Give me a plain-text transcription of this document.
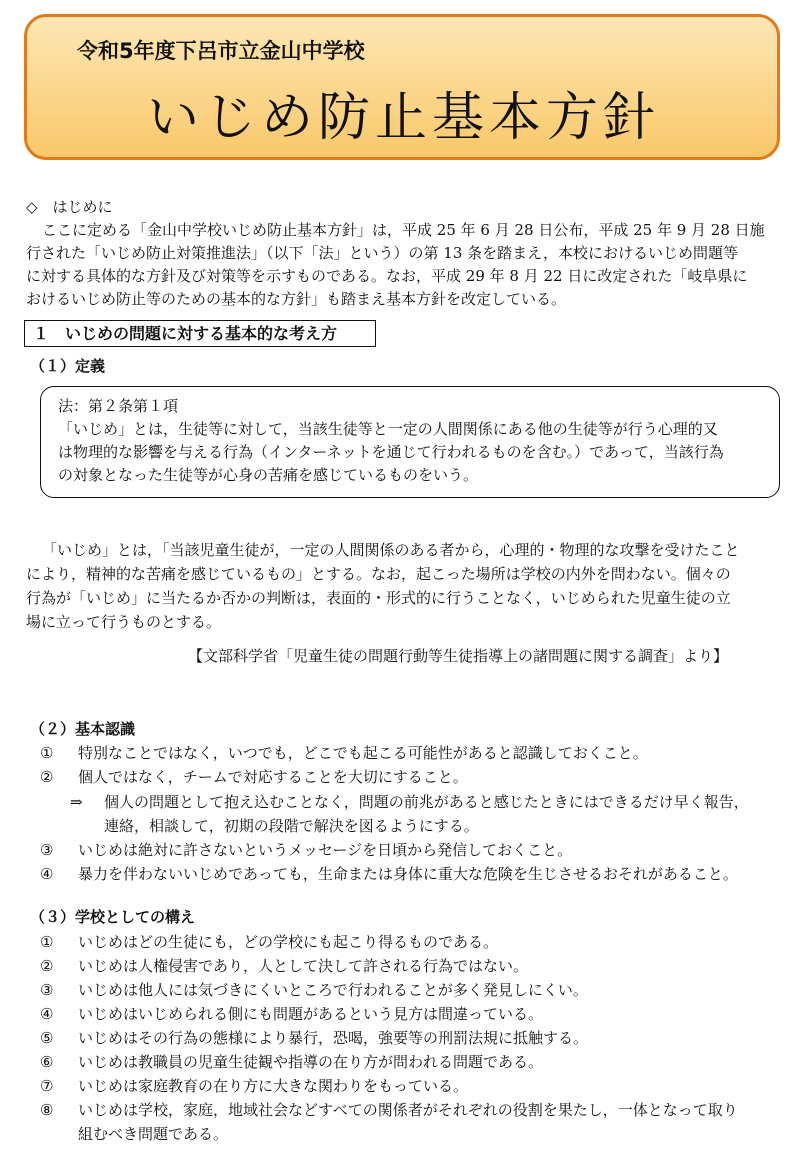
令和5年度下呂市立金山中学校
いじめ防止基本方針
◇　はじめに
ここに定める「金山中学校いじめ防止基本方針」は，平成 25 年 6 月 28 日公布，平成 25 年 9 月 28 日施
行された「いじめ防止対策推進法」（以下「法」という）の第 13 条を踏まえ，本校におけるいじめ問題等
に対する具体的な方針及び対策等を示すものである。なお，平成 29 年 8 月 22 日に改定された「岐阜県に
おけるいじめ防止等のための基本的な方針」も踏まえ基本方針を改定している。
１　いじめの問題に対する基本的な考え方
（１）定義
法：第２条第１項
「いじめ」とは，生徒等に対して，当該生徒等と一定の人間関係にある他の生徒等が行う心理的又
は物理的な影響を与える行為（インターネットを通じて行われるものを含む。）であって，当該行為
の対象となった生徒等が心身の苦痛を感じているものをいう。
「いじめ」とは，「当該児童生徒が，一定の人間関係のある者から，心理的・物理的な攻撃を受けたこと
により，精神的な苦痛を感じているもの」とする。なお，起こった場所は学校の内外を問わない。個々の
行為が「いじめ」に当たるか否かの判断は，表面的・形式的に行うことなく，いじめられた児童生徒の立
場に立って行うものとする。
【文部科学省「児童生徒の問題行動等生徒指導上の諸問題に関する調査」より】
（２）基本認識
① 特別なことではなく，いつでも，どこでも起こる可能性があると認識しておくこと。
② 個人ではなく，チームで対応することを大切にすること。
⇒ 個人の問題として抱え込むことなく，問題の前兆があると感じたときにはできるだけ早く報告，
連絡，相談して，初期の段階で解決を図るようにする。
③ いじめは絶対に許さないというメッセージを日頃から発信しておくこと。
④ 暴力を伴わないいじめであっても，生命または身体に重大な危険を生じさせるおそれがあること。
（３）学校としての構え
① いじめはどの生徒にも，どの学校にも起こり得るものである。
② いじめは人権侵害であり，人として決して許される行為ではない。
③ いじめは他人には気づきにくいところで行われることが多く発見しにくい。
④ いじめはいじめられる側にも問題があるという見方は間違っている。
⑤ いじめはその行為の態様により暴行，恐喝，強要等の刑罰法規に抵触する。
⑥ いじめは教職員の児童生徒観や指導の在り方が問われる問題である。
⑦ いじめは家庭教育の在り方に大きな関わりをもっている。
⑧ いじめは学校，家庭，地域社会などすべての関係者がそれぞれの役割を果たし，一体となって取り
組むべき問題である。
